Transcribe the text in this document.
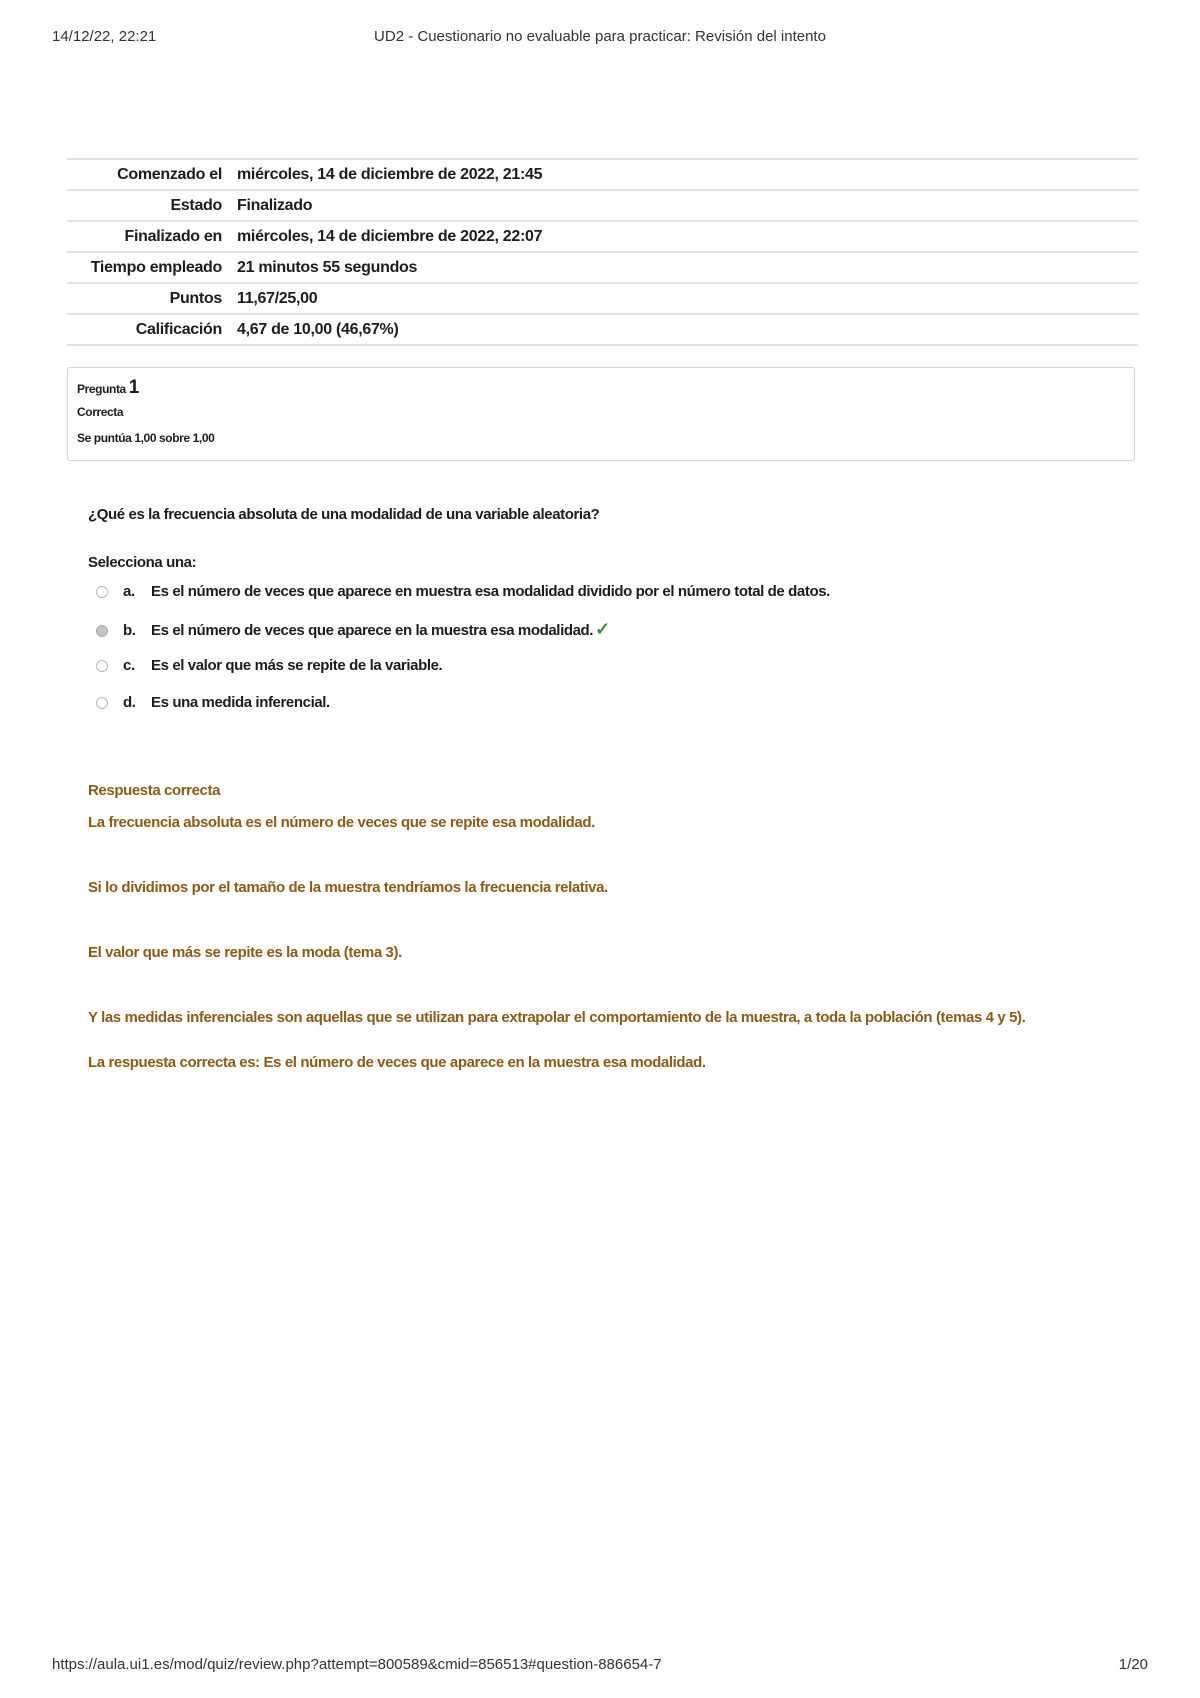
14/12/22, 22:21	UD2 - Cuestionario no evaluable para practicar: Revisión del intento
Comenzado el	miércoles, 14 de diciembre de 2022, 21:45
Estado	Finalizado
Finalizado en	miércoles, 14 de diciembre de 2022, 22:07
Tiempo empleado	21 minutos 55 segundos
Puntos	11,67/25,00
Calificación	4,67 de 10,00 (46,67%)
Pregunta 1
Correcta
Se puntúa 1,00 sobre 1,00
¿Qué es la frecuencia absoluta de una modalidad de una variable aleatoria?
Selecciona una:
a. Es el número de veces que aparece en muestra esa modalidad dividido por el número total de datos.
b. Es el número de veces que aparece en la muestra esa modalidad. ✓
c. Es el valor que más se repite de la variable.
d. Es una medida inferencial.

Respuesta correcta

La frecuencia absoluta es el número de veces que se repite esa modalidad.

Si lo dividimos por el tamaño de la muestra tendríamos la frecuencia relativa.

El valor que más se repite es la moda (tema 3).

Y las medidas inferenciales son aquellas que se utilizan para extrapolar el comportamiento de la muestra, a toda la población (temas 4 y 5).

La respuesta correcta es: Es el número de veces que aparece en la muestra esa modalidad.

https://aula.ui1.es/mod/quiz/review.php?attempt=800589&cmid=856513#question-886654-7	1/20
